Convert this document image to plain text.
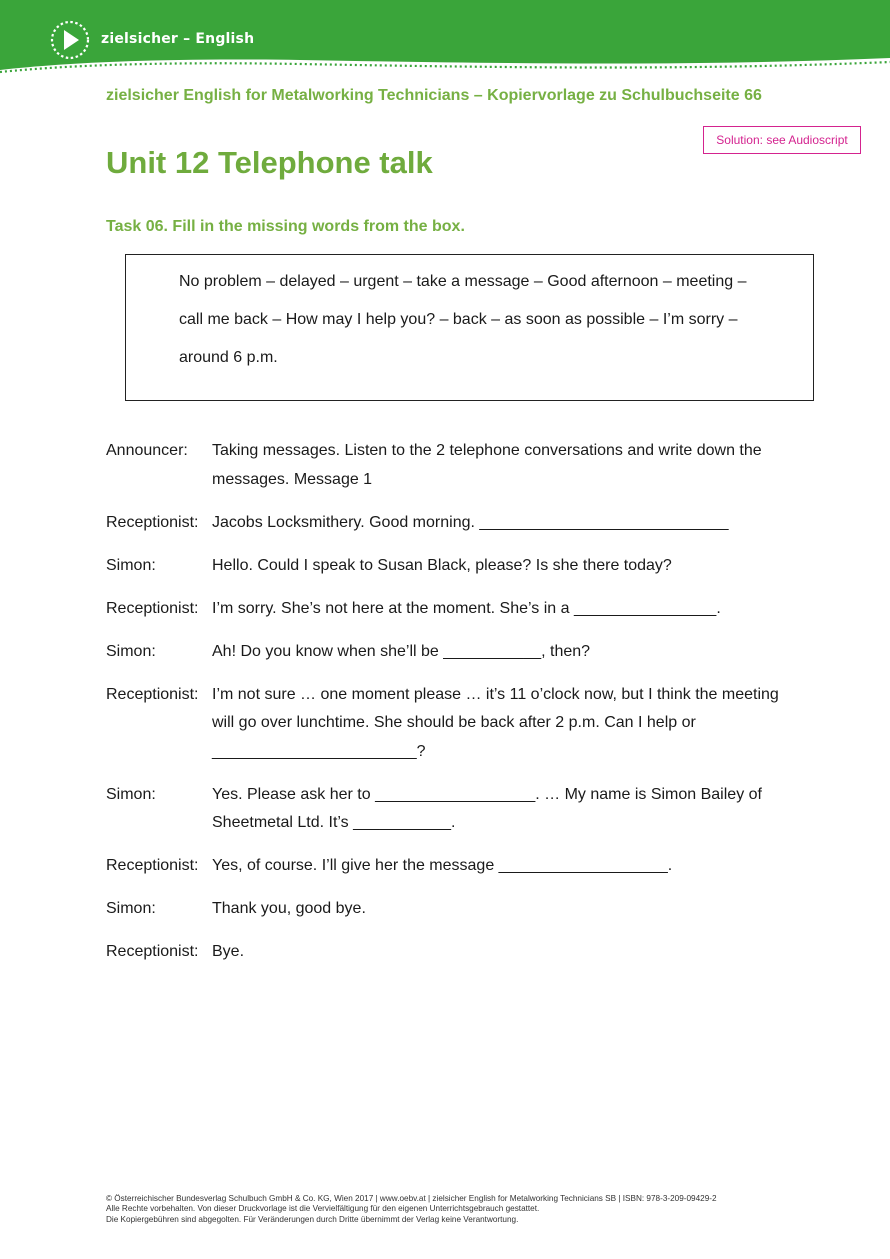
zielsicher – English
zielsicher English for Metalworking Technicians – Kopiervorlage zu Schulbuchseite 66
Solution: see Audioscript
Unit 12 Telephone talk
Task 06. Fill in the missing words from the box.
No problem – delayed – urgent – take a message – Good afternoon – meeting –
call me back – How may I help you? – back – as soon as possible – I’m sorry –
around 6 p.m.
Announcer:	Taking messages. Listen to the 2 telephone conversations and write down the messages. Message 1
Receptionist: Jacobs Locksmithery. Good morning. ____________________________
Simon:	Hello. Could I speak to Susan Black, please? Is she there today?
Receptionist: I’m sorry. She’s not here at the moment. She’s in a ________________.
Simon:	Ah! Do you know when she’ll be ___________, then?
Receptionist: I’m not sure … one moment please … it’s 11 o’clock now, but I think the meeting will go over lunchtime. She should be back after 2 p.m. Can I help or _______________________?
Simon:	Yes. Please ask her to __________________. … My name is Simon Bailey of Sheetmetal Ltd. It’s ___________.
Receptionist: Yes, of course. I’ll give her the message ___________________.
Simon:	Thank you, good bye.
Receptionist: Bye.
© Österreichischer Bundesverlag Schulbuch GmbH & Co. KG, Wien 2017 | www.oebv.at | zielsicher English for Metalworking Technicians SB | ISBN: 978-3-209-09429-2
Alle Rechte vorbehalten. Von dieser Druckvorlage ist die Vervielfältigung für den eigenen Unterrichtsgebrauch gestattet.
Die Kopiergebühren sind abgegolten. Für Veränderungen durch Dritte übernimmt der Verlag keine Verantwortung.
